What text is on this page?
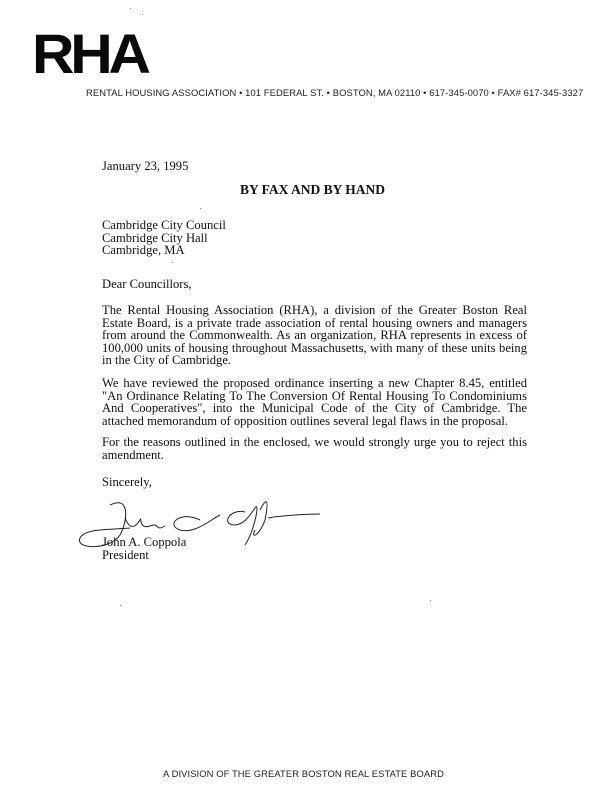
RHA
RENTAL HOUSING ASSOCIATION • 101 FEDERAL ST. • BOSTON, MA 02110 • 617-345-0070 • FAX# 617-345-3327
January 23, 1995
BY FAX AND BY HAND
Cambridge City Council
Cambridge City Hall
Cambridge, MA
Dear Councillors,
The Rental Housing Association (RHA), a division of the Greater Boston Real Estate Board, is a private trade association of rental housing owners and managers from around the Commonwealth. As an organization, RHA represents in excess of 100,000 units of housing throughout Massachusetts, with many of these units being in the City of Cambridge.
We have reviewed the proposed ordinance inserting a new Chapter 8.45, entitled "An Ordinance Relating To The Conversion Of Rental Housing To Condominiums And Cooperatives", into the Municipal Code of the City of Cambridge. The attached memorandum of opposition outlines several legal flaws in the proposal.
For the reasons outlined in the enclosed, we would strongly urge you to reject this amendment.
Sincerely,
John A. Coppola
President
A DIVISION OF THE GREATER BOSTON REAL ESTATE BOARD
